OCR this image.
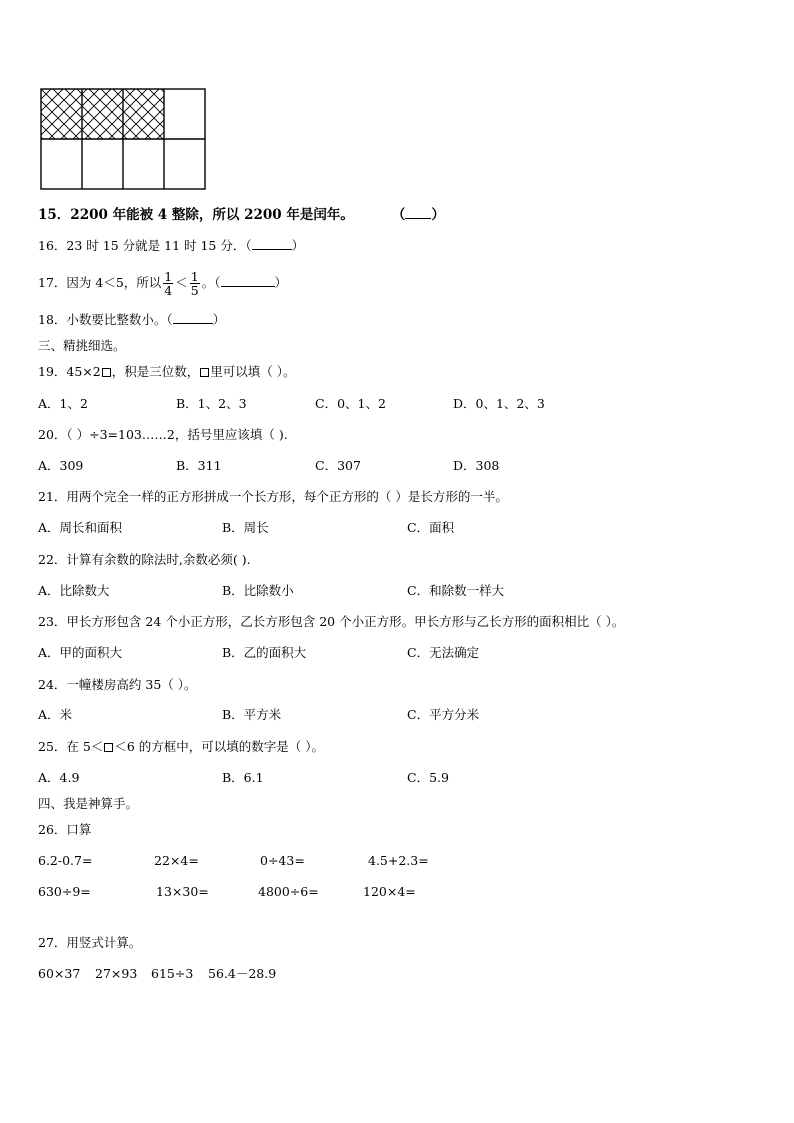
15．2200 年能被 4 整除，所以 2200 年是闰年。	（ ）
16．23 时 15 分就是 11 时 15 分．（	）
17．因为 4＜5，所以 $\frac{1}{4} < \frac{1}{5}$ 。（	）
18．小数要比整数小。（	）
三、精挑细选。
19．45×2 ，积是三位数， 里可以填（ ）。
A．1、2	B．1、2、3	C．0、1、2	D．0、1、2、3
20．（ ）÷3=103……2，括号里应该填（ ).
A．309	B．311	C．307	D．308
21．用两个完全一样的正方形拼成一个长方形，每个正方形的（ ）是长方形的一半。
A．周长和面积	B．周长	C．面积
22．计算有余数的除法时,余数必须( ).
A．比除数大	B．比除数小	C．和除数一样大
23．甲长方形包含 24 个小正方形，乙长方形包含 20 个小正方形。甲长方形与乙长方形的面积相比（ ）。
A．甲的面积大	B．乙的面积大	C．无法确定
24．一幢楼房高约 35（ ）。
A．米	B．平方米	C．平方分米
25．在 5＜ ＜6 的方框中，可以填的数字是（ ）。
A．4.9	B．6.1	C．5.9
四、我是神算手。
26．口算
6.2-0.7=	22×4=	0÷43=	4.5+2.3=
630÷9=	13×30=	4800÷6=	120×4=
27．用竖式计算。
60×37 27×93 615÷3 56.4－28.9
